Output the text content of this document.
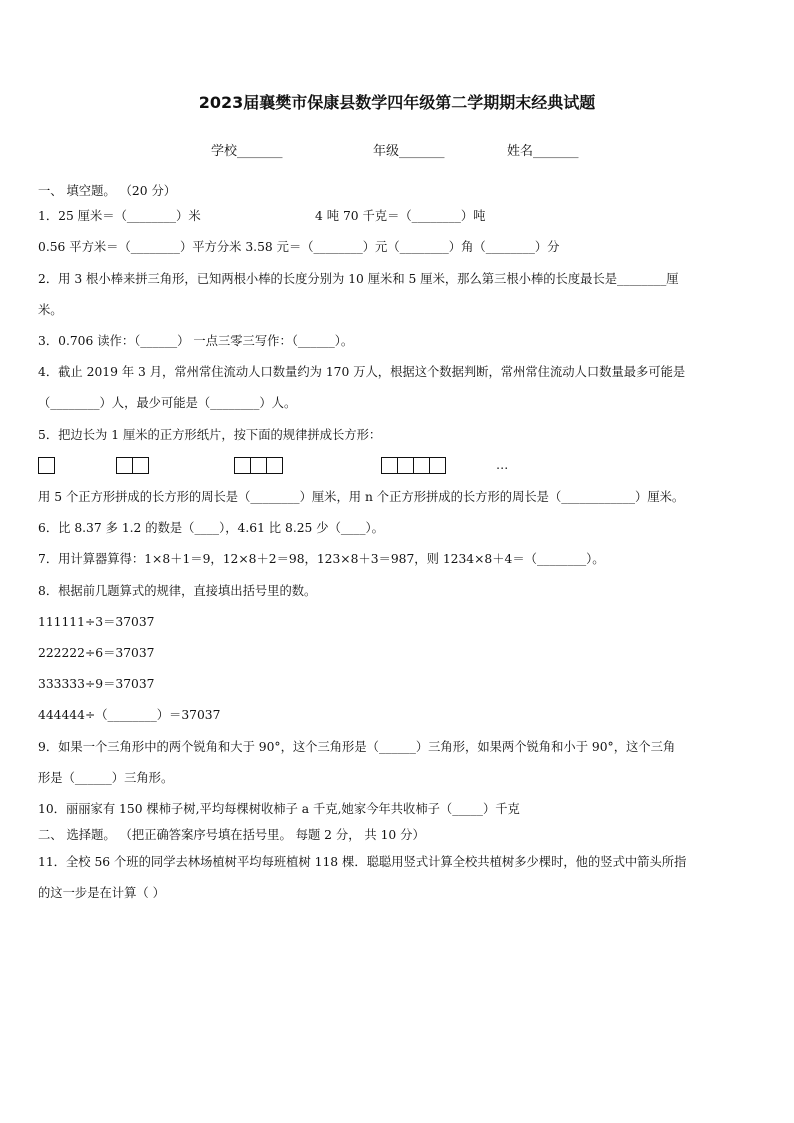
2023届襄樊市保康县数学四年级第二学期期末经典试题
学校_______	年级_______	姓名_______
一、 填空题。 （20 分）
1．25 厘米＝（________）米	4 吨 70 千克＝（________）吨
0.56 平方米＝（________）平方分米 3.58 元＝（________）元（________）角（________）分
2．用 3 根小棒来拼三角形，已知两根小棒的长度分别为 10 厘米和 5 厘米，那么第三根小棒的长度最长是________厘
米。
3．0.706 读作：（______） 一点三零三写作：（______）。
4．截止 2019 年 3 月，常州常住流动人口数量约为 170 万人，根据这个数据判断，常州常住流动人口数量最多可能是
（________）人，最少可能是（________）人。
5．把边长为 1 厘米的正方形纸片，按下面的规律拼成长方形：
…
用 5 个正方形拼成的长方形的周长是（________）厘米，用 n 个正方形拼成的长方形的周长是（____________）厘米。
6．比 8.37 多 1.2 的数是（____），4.61 比 8.25 少（____）。
7．用计算器算得：1×8＋1＝9，12×8＋2＝98，123×8＋3＝987，则 1234×8＋4＝（________）。
8．根据前几题算式的规律，直接填出括号里的数。
111111÷3＝37037
222222÷6＝37037
333333÷9＝37037
444444÷（________）＝37037
9．如果一个三角形中的两个锐角和大于 90°，这个三角形是（______）三角形，如果两个锐角和小于 90°，这个三角
形是（______）三角形。
10．丽丽家有 150 棵柿子树,平均每棵树收柿子 a 千克,她家今年共收柿子（_____）千克
二、 选择题。 （把正确答案序号填在括号里。 每题 2 分， 共 10 分）
11．全校 56 个班的同学去林场植树平均每班植树 118 棵．聪聪用竖式计算全校共植树多少棵时，他的竖式中箭头所指
的这一步是在计算（ ）
